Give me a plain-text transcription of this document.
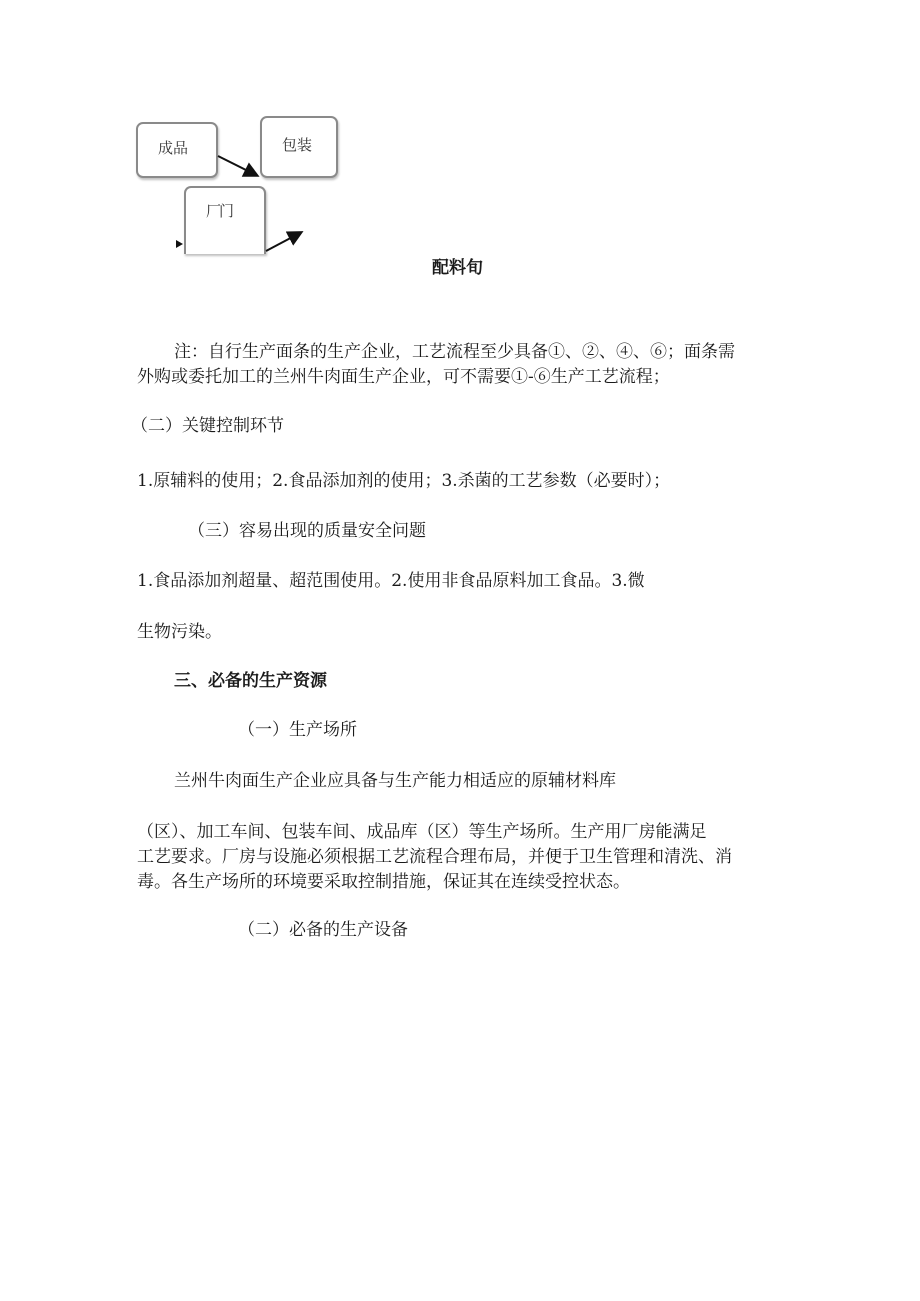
成品	包装
厂门
配料旬
注：自行生产面条的生产企业，工艺流程至少具备①、②、④、⑥；面条需
外购或委托加工的兰州牛肉面生产企业，可不需要①-⑥生产工艺流程；
（二）关键控制环节
1.原辅料的使用；2.食品添加剂的使用；3.杀菌的工艺参数（必要时）；
（三）容易出现的质量安全问题
1.食品添加剂超量、超范围使用。2.使用非食品原料加工食品。3.微
生物污染。
三、必备的生产资源
（一）生产场所
兰州牛肉面生产企业应具备与生产能力相适应的原辅材料库
（区）、加工车间、包装车间、成品库（区）等生产场所。生产用厂房能满足
工艺要求。厂房与设施必须根据工艺流程合理布局，并便于卫生管理和清洗、消
毒。各生产场所的环境要采取控制措施，保证其在连续受控状态。
（二）必备的生产设备
